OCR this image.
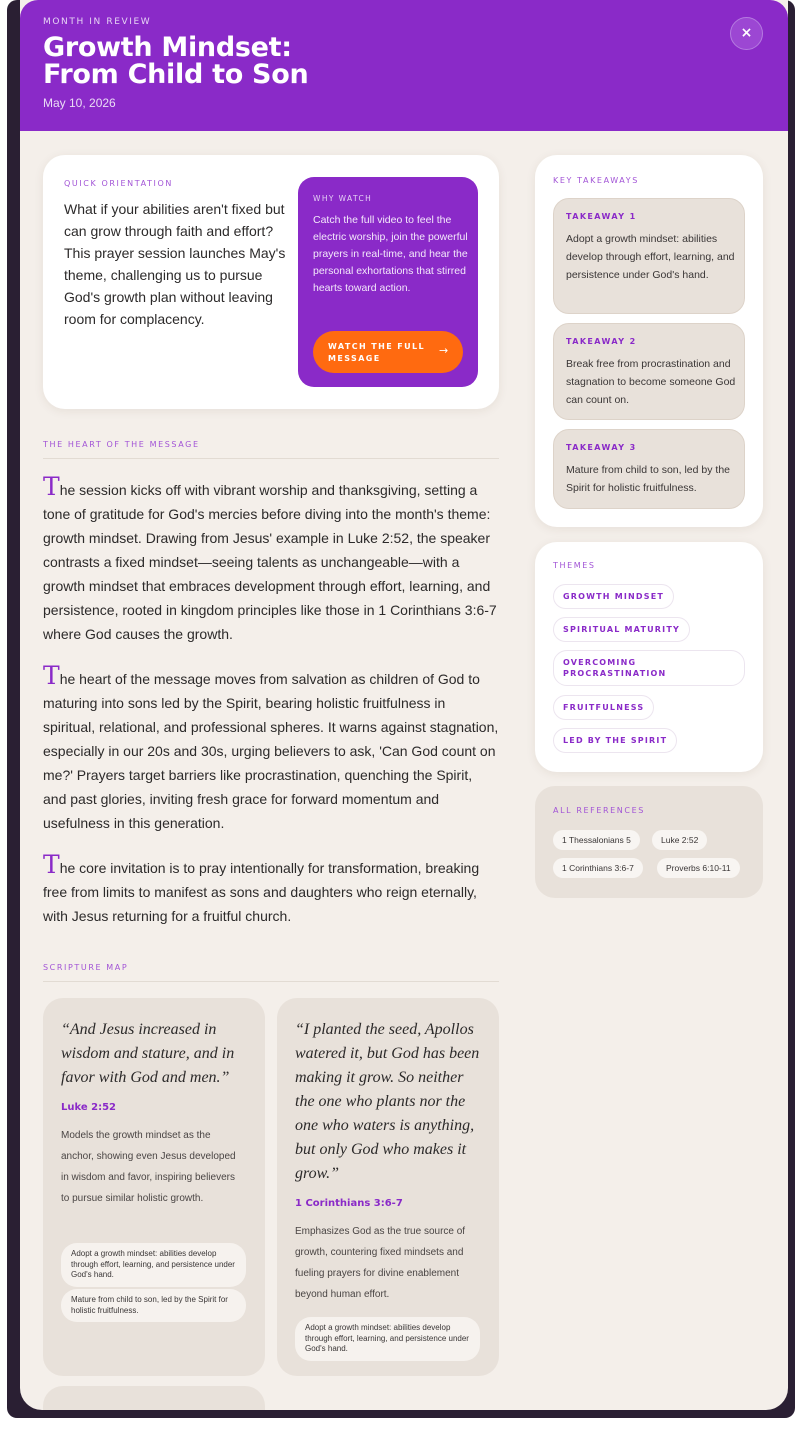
MONTH IN REVIEW
Growth Mindset:
From Child to Son
May 10, 2026
×
QUICK ORIENTATION
What if your abilities aren't fixed but can grow through faith and effort? This prayer session launches May's theme, challenging us to pursue God's growth plan without leaving room for complacency.
WHY WATCH
Catch the full video to feel the electric worship, join the powerful prayers in real-time, and hear the personal exhortations that stirred hearts toward action.
WATCH THE FULL MESSAGE
→
THE HEART OF THE MESSAGE
The session kicks off with vibrant worship and thanksgiving, setting a tone of gratitude for God's mercies before diving into the month's theme: growth mindset. Drawing from Jesus' example in Luke 2:52, the speaker contrasts a fixed mindset—seeing talents as unchangeable—with a growth mindset that embraces development through effort, learning, and persistence, rooted in kingdom principles like those in 1 Corinthians 3:6-7 where God causes the growth.
The heart of the message moves from salvation as children of God to maturing into sons led by the Spirit, bearing holistic fruitfulness in spiritual, relational, and professional spheres. It warns against stagnation, especially in our 20s and 30s, urging believers to ask, 'Can God count on me?' Prayers target barriers like procrastination, quenching the Spirit, and past glories, inviting fresh grace for forward momentum and usefulness in this generation.
The core invitation is to pray intentionally for transformation, breaking free from limits to manifest as sons and daughters who reign eternally, with Jesus returning for a fruitful church.
SCRIPTURE MAP
“And Jesus increased in wisdom and stature, and in favor with God and men.”
Luke 2:52
Models the growth mindset as the anchor, showing even Jesus developed in wisdom and favor, inspiring believers to pursue similar holistic growth.
Adopt a growth mindset: abilities develop through effort, learning, and persistence under God's hand.
Mature from child to son, led by the Spirit for holistic fruitfulness.
“I planted the seed, Apollos watered it, but God has been making it grow. So neither the one who plants nor the one who waters is anything, but only God who makes it grow.”
1 Corinthians 3:6-7
Emphasizes God as the true source of growth, countering fixed mindsets and fueling prayers for divine enablement beyond human effort.
Adopt a growth mindset: abilities develop through effort, learning, and persistence under God's hand.
KEY TAKEAWAYS
TAKEAWAY 1
Adopt a growth mindset: abilities develop through effort, learning, and persistence under God's hand.
TAKEAWAY 2
Break free from procrastination and stagnation to become someone God can count on.
TAKEAWAY 3
Mature from child to son, led by the Spirit for holistic fruitfulness.
THEMES
GROWTH MINDSET
SPIRITUAL MATURITY
OVERCOMING PROCRASTINATION
FRUITFULNESS
LED BY THE SPIRIT
ALL REFERENCES
1 Thessalonians 5	Luke 2:52
1 Corinthians 3:6-7	Proverbs 6:10-11
